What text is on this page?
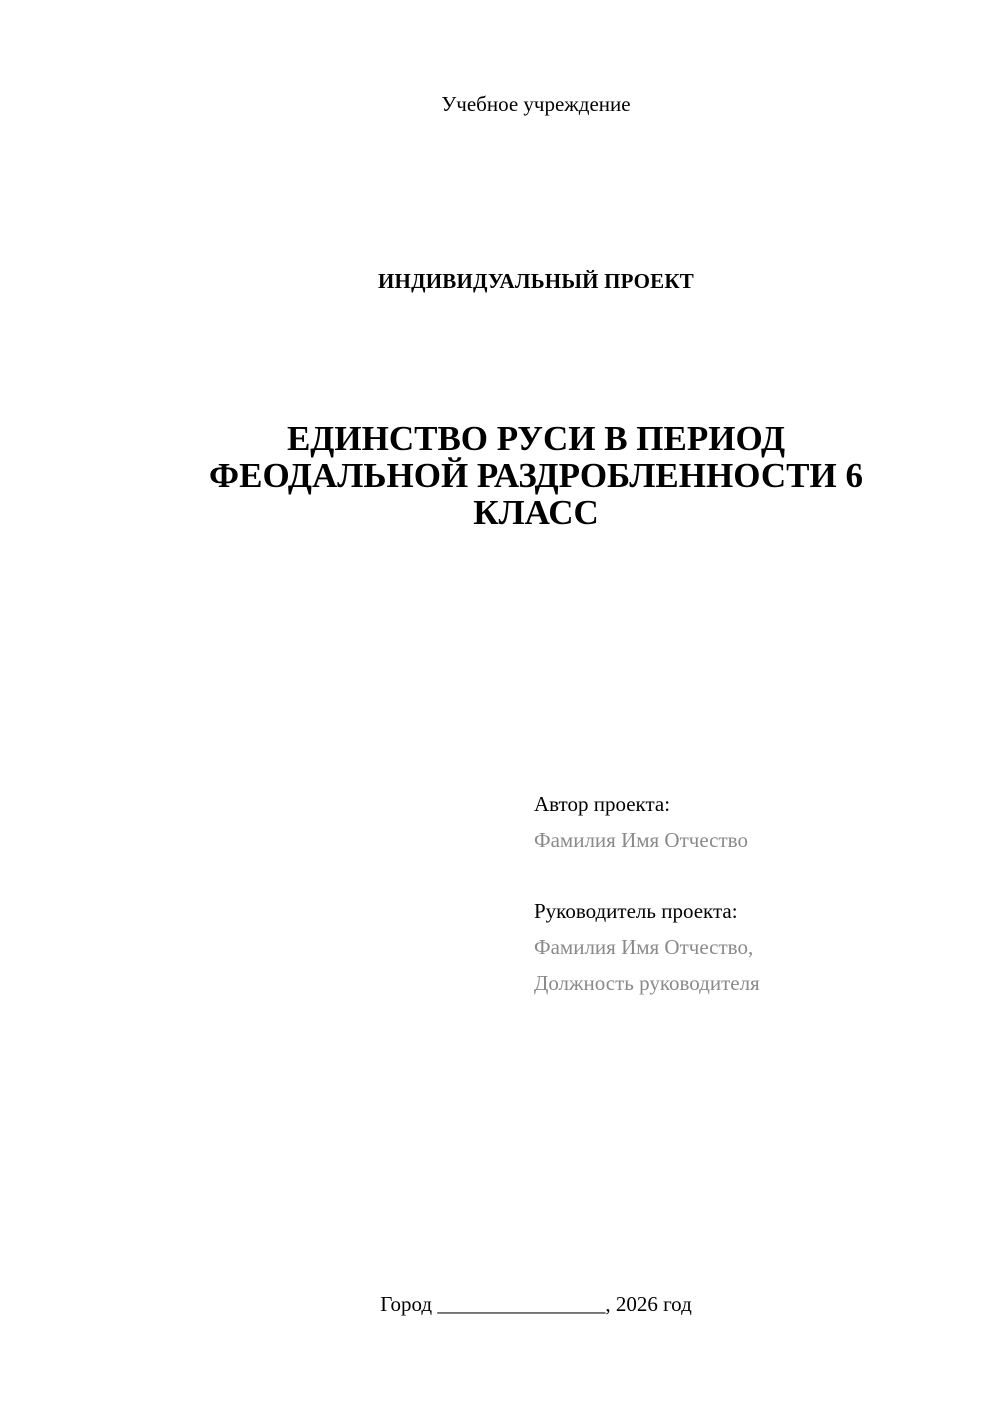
Учебное учреждение
ИНДИВИДУАЛЬНЫЙ ПРОЕКТ
ЕДИНСТВО РУСИ В ПЕРИОД
ФЕОДАЛЬНОЙ РАЗДРОБЛЕННОСТИ 6
КЛАСС
Автор проекта:
Фамилия Имя Отчество
Руководитель проекта:
Фамилия Имя Отчество,
Должность руководителя
Город ________________, 2026 год
